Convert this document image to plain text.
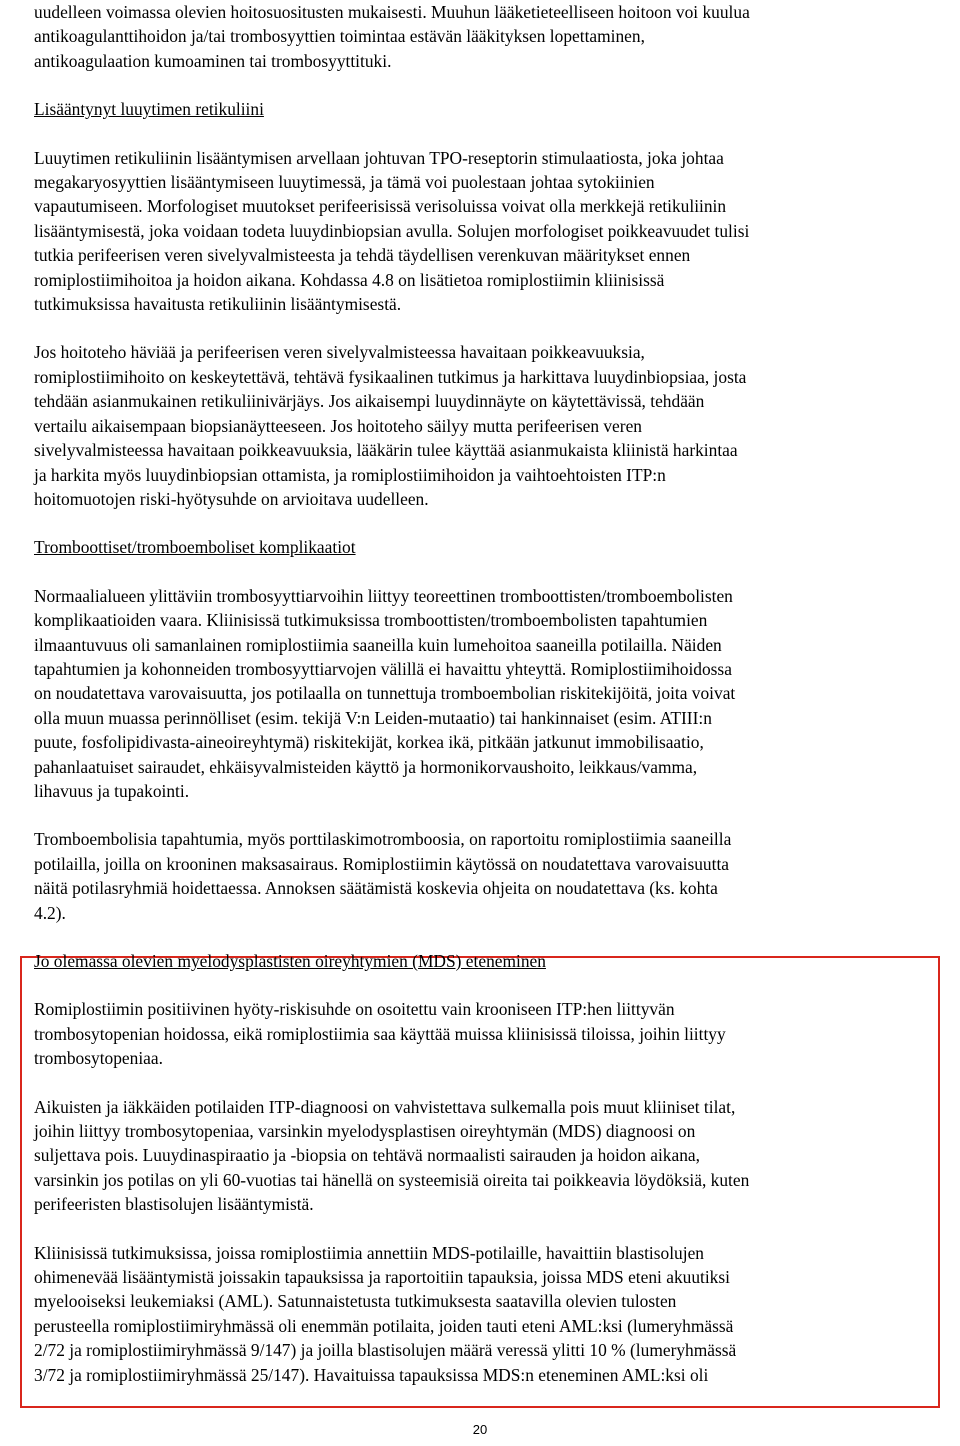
uudelleen voimassa olevien hoitosuositusten mukaisesti. Muuhun lääketieteelliseen hoitoon voi kuulua
antikoagulanttihoidon ja/tai trombosyyttien toimintaa estävän lääkityksen lopettaminen,
antikoagulaation kumoaminen tai trombosyyttituki.

Lisääntynyt luuytimen retikuliini

Luuytimen retikuliinin lisääntymisen arvellaan johtuvan TPO-reseptorin stimulaatiosta, joka johtaa
megakaryosyyttien lisääntymiseen luuytimessä, ja tämä voi puolestaan johtaa sytokiinien
vapautumiseen. Morfologiset muutokset perifeerisissä verisoluissa voivat olla merkkejä retikuliinin
lisääntymisestä, joka voidaan todeta luuydinbiopsian avulla. Solujen morfologiset poikkeavuudet tulisi
tutkia perifeerisen veren sivelyvalmisteesta ja tehdä täydellisen verenkuvan määritykset ennen
romiplostiimihoitoa ja hoidon aikana. Kohdassa 4.8 on lisätietoa romiplostiimin kliinisissä
tutkimuksissa havaitusta retikuliinin lisääntymisestä.

Jos hoitoteho häviää ja perifeerisen veren sivelyvalmisteessa havaitaan poikkeavuuksia,
romiplostiimihoito on keskeytettävä, tehtävä fysikaalinen tutkimus ja harkittava luuydinbiopsiaa, josta
tehdään asianmukainen retikuliinivärjäys. Jos aikaisempi luuydinnäyte on käytettävissä, tehdään
vertailu aikaisempaan biopsianäytteeseen. Jos hoitoteho säilyy mutta perifeerisen veren
sivelyvalmisteessa havaitaan poikkeavuuksia, lääkärin tulee käyttää asianmukaista kliinistä harkintaa
ja harkita myös luuydinbiopsian ottamista, ja romiplostiimihoidon ja vaihtoehtoisten ITP:n
hoitomuotojen riski-hyötysuhde on arvioitava uudelleen.

Tromboottiset/tromboemboliset komplikaatiot

Normaalialueen ylittäviin trombosyyttiarvoihin liittyy teoreettinen tromboottisten/tromboembolisten
komplikaatioiden vaara. Kliinisissä tutkimuksissa tromboottisten/tromboembolisten tapahtumien
ilmaantuvuus oli samanlainen romiplostiimia saaneilla kuin lumehoitoa saaneilla potilailla. Näiden
tapahtumien ja kohonneiden trombosyyttiarvojen välillä ei havaittu yhteyttä. Romiplostiimihoidossa
on noudatettava varovaisuutta, jos potilaalla on tunnettuja tromboembolian riskitekijöitä, joita voivat
olla muun muassa perinnölliset (esim. tekijä V:n Leiden-mutaatio) tai hankinnaiset (esim. ATIII:n
puute, fosfolipidivasta-aineoireyhtymä) riskitekijät, korkea ikä, pitkään jatkunut immobilisaatio,
pahanlaatuiset sairaudet, ehkäisyvalmisteiden käyttö ja hormonikorvaushoito, leikkaus/vamma,
lihavuus ja tupakointi.

Tromboembolisia tapahtumia, myös porttilaskimotromboosia, on raportoitu romiplostiimia saaneilla
potilailla, joilla on krooninen maksasairaus. Romiplostiimin käytössä on noudatettava varovaisuutta
näitä potilasryhmiä hoidettaessa. Annoksen säätämistä koskevia ohjeita on noudatettava (ks. kohta
4.2).

Jo olemassa olevien myelodysplastisten oireyhtymien (MDS) eteneminen

Romiplostiimin positiivinen hyöty-riskisuhde on osoitettu vain krooniseen ITP:hen liittyvän
trombosytopenian hoidossa, eikä romiplostiimia saa käyttää muissa kliinisissä tiloissa, joihin liittyy
trombosytopeniaa.

Aikuisten ja iäkkäiden potilaiden ITP-diagnoosi on vahvistettava sulkemalla pois muut kliiniset tilat,
joihin liittyy trombosytopeniaa, varsinkin myelodysplastisen oireyhtymän (MDS) diagnoosi on
suljettava pois. Luuydinaspiraatio ja -biopsia on tehtävä normaalisti sairauden ja hoidon aikana,
varsinkin jos potilas on yli 60-vuotias tai hänellä on systeemisiä oireita tai poikkeavia löydöksiä, kuten
perifeeristen blastisolujen lisääntymistä.

Kliinisissä tutkimuksissa, joissa romiplostiimia annettiin MDS-potilaille, havaittiin blastisolujen
ohimenevää lisääntymistä joissakin tapauksissa ja raportoitiin tapauksia, joissa MDS eteni akuutiksi
myelooiseksi leukemiaksi (AML). Satunnaistetusta tutkimuksesta saatavilla olevien tulosten
perusteella romiplostiimiryhmässä oli enemmän potilaita, joiden tauti eteni AML:ksi (lumeryhmässä
2/72 ja romiplostiimiryhmässä 9/147) ja joilla blastisolujen määrä veressä ylitti 10 % (lumeryhmässä
3/72 ja romiplostiimiryhmässä 25/147). Havaituissa tapauksissa MDS:n eteneminen AML:ksi oli

20
